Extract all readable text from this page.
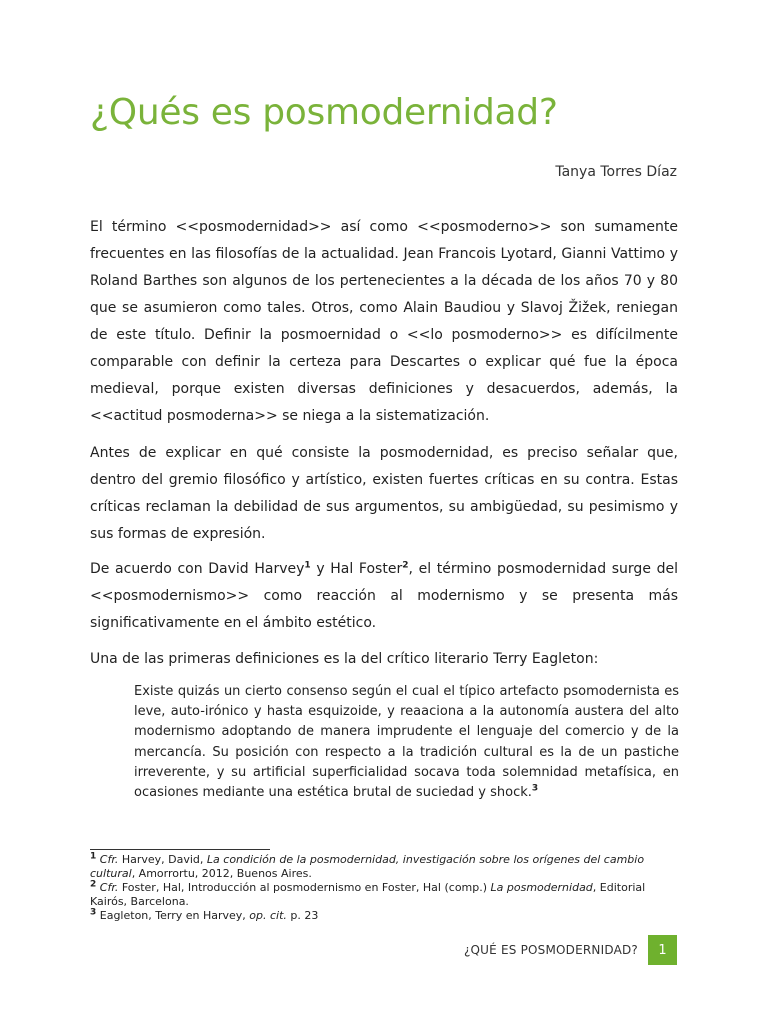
¿Qués es posmodernidad?
Tanya Torres Díaz

El término <<posmodernidad>> así como <<posmoderno>> son sumamente frecuentes en las filosofías de la actualidad. Jean Francois Lyotard, Gianni Vattimo y Roland Barthes son algunos de los pertenecientes a la década de los años 70 y 80 que se asumieron como tales. Otros, como Alain Baudiou y Slavoj Žižek, reniegan de este título. Definir la posmoernidad o <<lo posmoderno>> es difícilmente comparable con definir la certeza para Descartes o explicar qué fue la época medieval, porque existen diversas definiciones y desacuerdos, además, la <<actitud posmoderna>> se niega a la sistematización.

Antes de explicar en qué consiste la posmodernidad, es preciso señalar que, dentro del gremio filosófico y artístico, existen fuertes críticas en su contra. Estas críticas reclaman la debilidad de sus argumentos, su ambigüedad, su pesimismo y sus formas de expresión.

De acuerdo con David Harvey$^1$ y Hal Foster$^2$, el término posmodernidad surge del <<posmodernismo>> como reacción al modernismo y se presenta más significativamente en el ámbito estético.

Una de las primeras definiciones es la del crítico literario Terry Eagleton:

Existe quizás un cierto consenso según el cual el típico artefacto psomodernista es leve, auto-irónico y hasta esquizoide, y reaaciona a la autonomía austera del alto modernismo adoptando de manera imprudente el lenguaje del comercio y de la mercancía. Su posición con respecto a la tradición cultural es la de un pastiche irreverente, y su artificial superficialidad socava toda solemnidad metafísica, en ocasiones mediante una estética brutal de suciedad y shock.$^3$

$^1$ Cfr. Harvey, David, La condición de la posmodernidad, investigación sobre los orígenes del cambio cultural, Amorrortu, 2012, Buenos Aires.

$^2$ Cfr. Foster, Hal, Introducción al posmodernismo en Foster, Hal (comp.) La posmodernidad, Editorial Kairós, Barcelona.

$^3$ Eagleton, Terry en Harvey, op. cit. p. 23

¿QUÉ ES POSMODERNIDAD?	1
